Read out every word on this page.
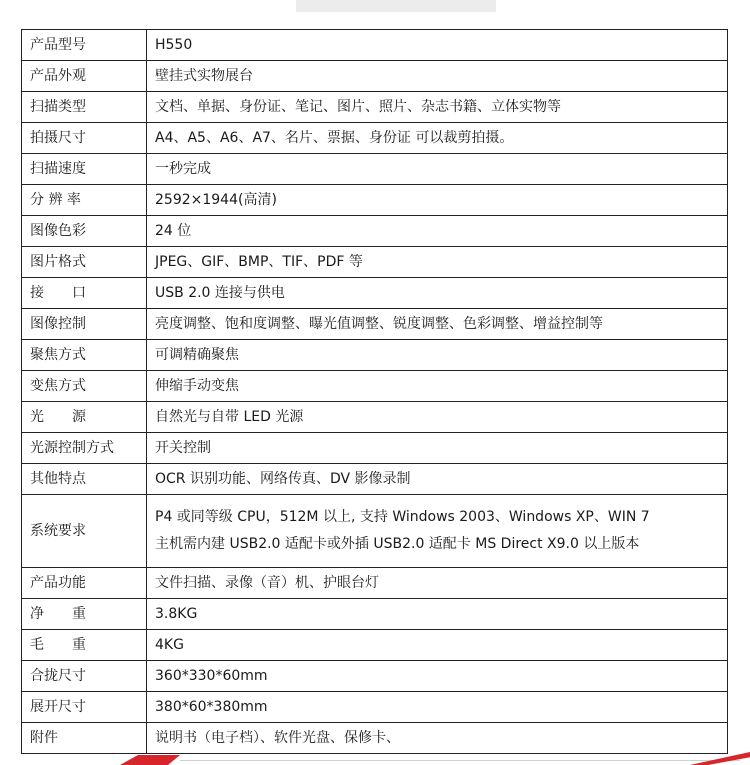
产品型号	H550
产品外观	壁挂式实物展台
扫描类型	文档、单据、身份证、笔记、图片、照片、杂志书籍、立体实物等
拍摄尺寸	A4、A5、A6、A7、名片、票据、身份证 可以裁剪拍摄。
扫描速度	一秒完成
分 辨 率	2592×1944(高清)
图像色彩	24 位
图片格式	JPEG、GIF、BMP、TIF、PDF 等
接　　口	USB 2.0 连接与供电
图像控制	亮度调整、饱和度调整、曝光值调整、锐度调整、色彩调整、增益控制等
聚焦方式	可调精确聚焦
变焦方式	伸缩手动变焦
光　　源	自然光与自带 LED 光源
光源控制方式	开关控制
其他特点	OCR 识别功能、网络传真、DV 影像录制
系统要求	P4 或同等级 CPU，512M 以上, 支持 Windows 2003、Windows XP、WIN 7
主机需内建 USB2.0 适配卡或外插 USB2.0 适配卡 MS Direct X9.0 以上版本

产品功能	文件扫描、录像（音）机、护眼台灯
净　　重	3.8KG
毛　　重	4KG
合拢尺寸	360*330*60mm
展开尺寸	380*60*380mm
附件	说明书（电子档）、软件光盘、保修卡、
